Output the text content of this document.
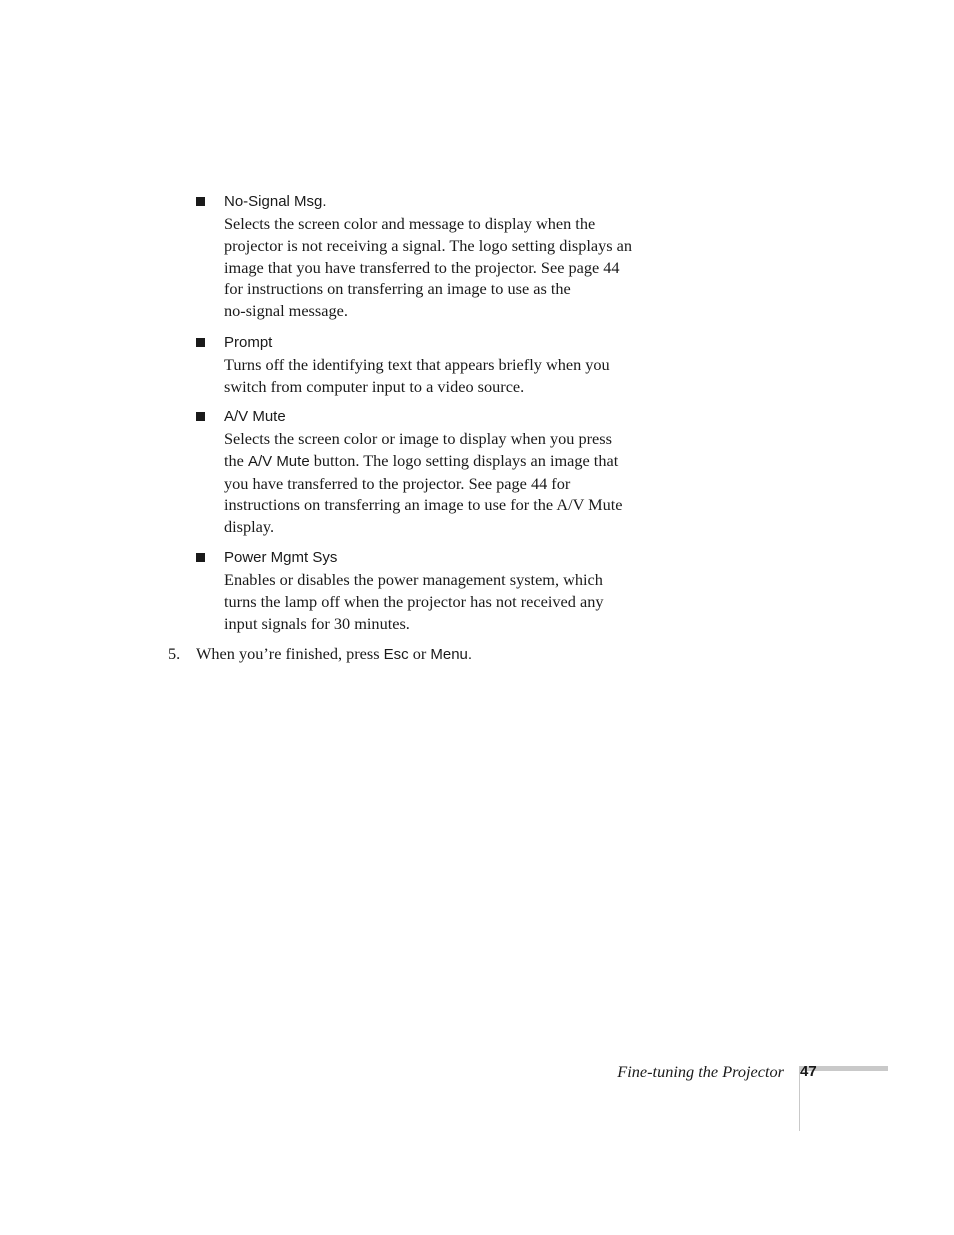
No-Signal Msg.
Selects the screen color and message to display when the
projector is not receiving a signal. The logo setting displays an
image that you have transferred to the projector. See page 44
for instructions on transferring an image to use as the
no-signal message.
Prompt
Turns off the identifying text that appears briefly when you
switch from computer input to a video source.
A/V Mute
Selects the screen color or image to display when you press
the A/V Mute button. The logo setting displays an image that
you have transferred to the projector. See page 44 for
instructions on transferring an image to use for the A/V Mute
display.
Power Mgmt Sys
Enables or disables the power management system, which
turns the lamp off when the projector has not received any
input signals for 30 minutes.
5. When you’re finished, press Esc or Menu.
Fine-tuning the Projector 47
